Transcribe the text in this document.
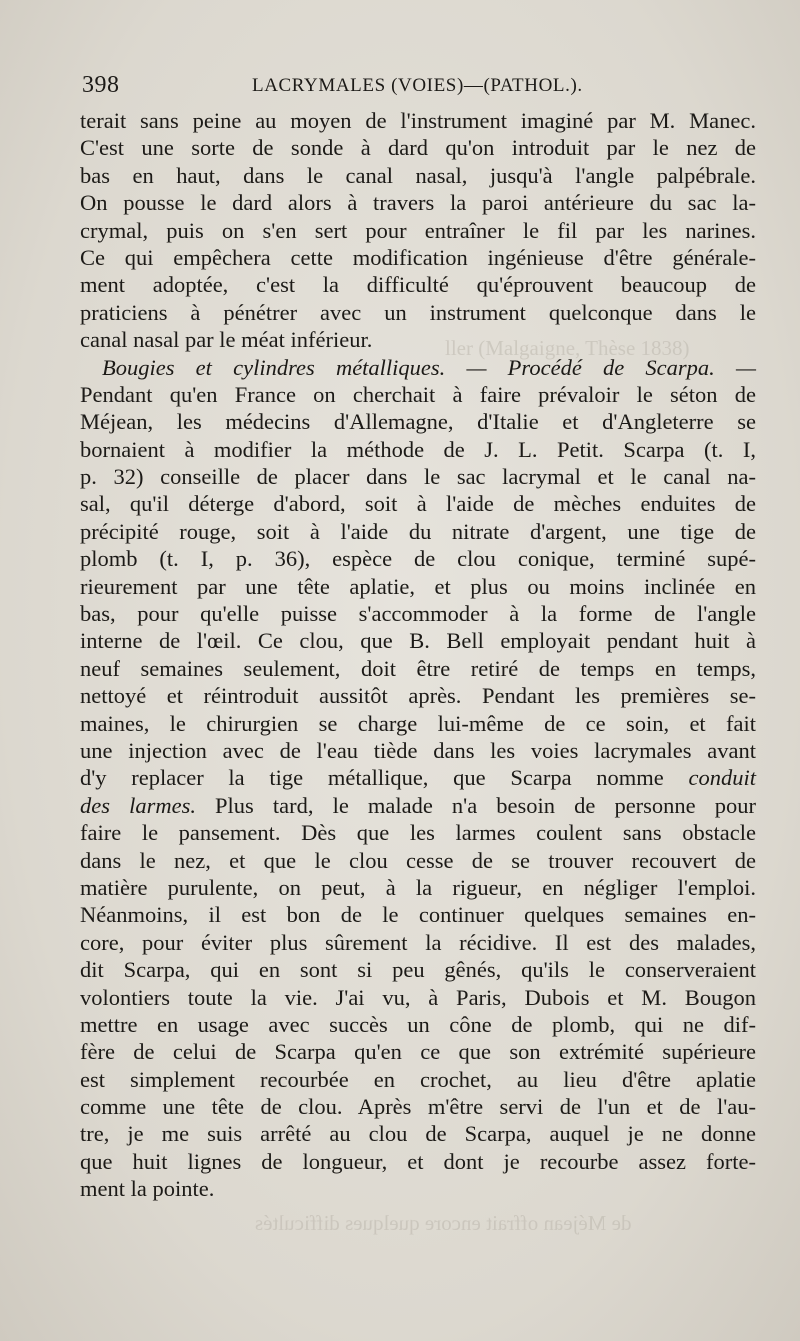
398	LACRYMALES (VOIES)—(PATHOL.).
ller (Malgaigne, Thèse 1838)
terait sans peine au moyen de l'instrument imaginé par M. Manec.
C'est une sorte de sonde à dard qu'on introduit par le nez de
bas en haut, dans le canal nasal, jusqu'à l'angle palpébrale.
On pousse le dard alors à travers la paroi antérieure du sac la-
crymal, puis on s'en sert pour entraîner le fil par les narines.
Ce qui empêchera cette modification ingénieuse d'être générale-
ment adoptée, c'est la difficulté qu'éprouvent beaucoup de
praticiens à pénétrer avec un instrument quelconque dans le
canal nasal par le méat inférieur.
Bougies et cylindres métalliques. — Procédé de Scarpa. —
Pendant qu'en France on cherchait à faire prévaloir le séton de
Méjean, les médecins d'Allemagne, d'Italie et d'Angleterre se
bornaient à modifier la méthode de J. L. Petit. Scarpa (t. I,
p. 32) conseille de placer dans le sac lacrymal et le canal na-
sal, qu'il déterge d'abord, soit à l'aide de mèches enduites de
précipité rouge, soit à l'aide du nitrate d'argent, une tige de
plomb (t. I, p. 36), espèce de clou conique, terminé supé-
rieurement par une tête aplatie, et plus ou moins inclinée en
bas, pour qu'elle puisse s'accommoder à la forme de l'angle
interne de l'œil. Ce clou, que B. Bell employait pendant huit à
neuf semaines seulement, doit être retiré de temps en temps,
nettoyé et réintroduit aussitôt après. Pendant les premières se-
maines, le chirurgien se charge lui-même de ce soin, et fait
une injection avec de l'eau tiède dans les voies lacrymales avant
d'y replacer la tige métallique, que Scarpa nomme conduit
des larmes. Plus tard, le malade n'a besoin de personne pour
faire le pansement. Dès que les larmes coulent sans obstacle
dans le nez, et que le clou cesse de se trouver recouvert de
matière purulente, on peut, à la rigueur, en négliger l'emploi.
Néanmoins, il est bon de le continuer quelques semaines en-
core, pour éviter plus sûrement la récidive. Il est des malades,
dit Scarpa, qui en sont si peu gênés, qu'ils le conserveraient
volontiers toute la vie. J'ai vu, à Paris, Dubois et M. Bougon
mettre en usage avec succès un cône de plomb, qui ne dif-
fère de celui de Scarpa qu'en ce que son extrémité supérieure
est simplement recourbée en crochet, au lieu d'être aplatie
comme une tête de clou. Après m'être servi de l'un et de l'au-
tre, je me suis arrêté au clou de Scarpa, auquel je ne donne
que huit lignes de longueur, et dont je recourbe assez forte-
ment la pointe.
de Méjean offrait encore quelques difficultés
